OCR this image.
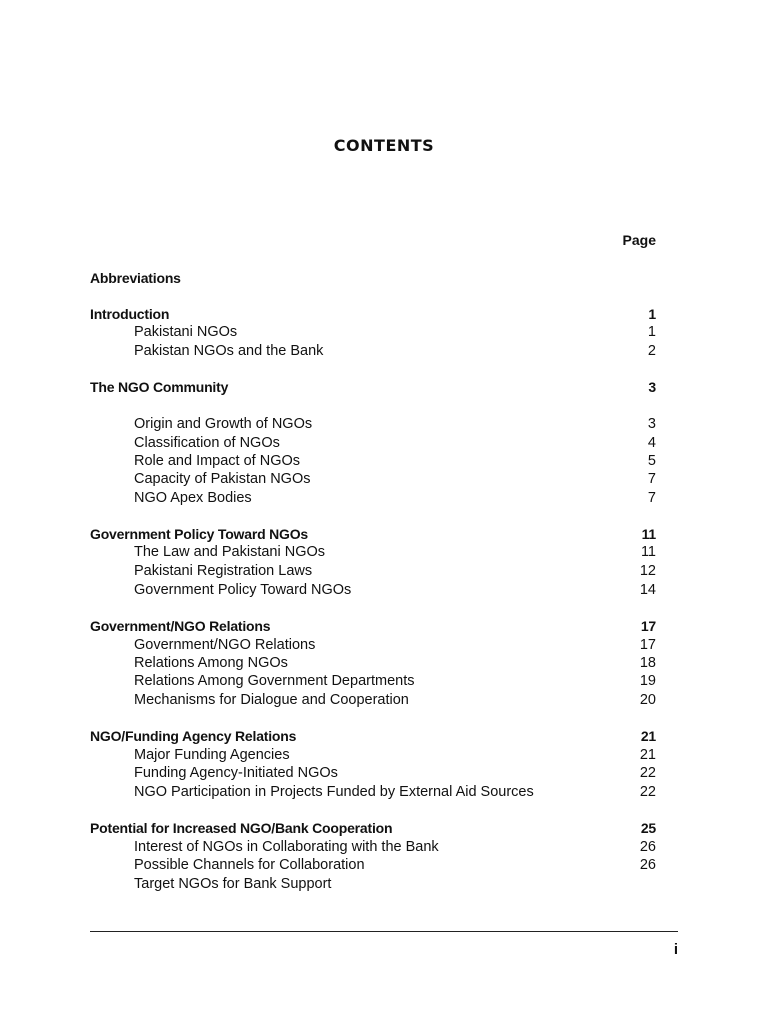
CONTENTS
Page
Abbreviations
Introduction	1
Pakistani NGOs	1
Pakistan NGOs and the Bank	2
The NGO Community	3
Origin and Growth of NGOs	3
Classification of NGOs	4
Role and Impact of NGOs	5
Capacity of Pakistan NGOs	7
NGO Apex Bodies	7
Government Policy Toward NGOs	11
The Law and Pakistani NGOs	11
Pakistani Registration Laws	12
Government Policy Toward NGOs	14
Government/NGO Relations	17
Government/NGO Relations	17
Relations Among NGOs	18
Relations Among Government Departments	19
Mechanisms for Dialogue and Cooperation	20
NGO/Funding Agency Relations	21
Major Funding Agencies	21
Funding Agency-Initiated NGOs	22
NGO Participation in Projects Funded by External Aid Sources	22
Potential for Increased NGO/Bank Cooperation	25
Interest of NGOs in Collaborating with the Bank	26
Possible Channels for Collaboration	26
Target NGOs for Bank Support
i
